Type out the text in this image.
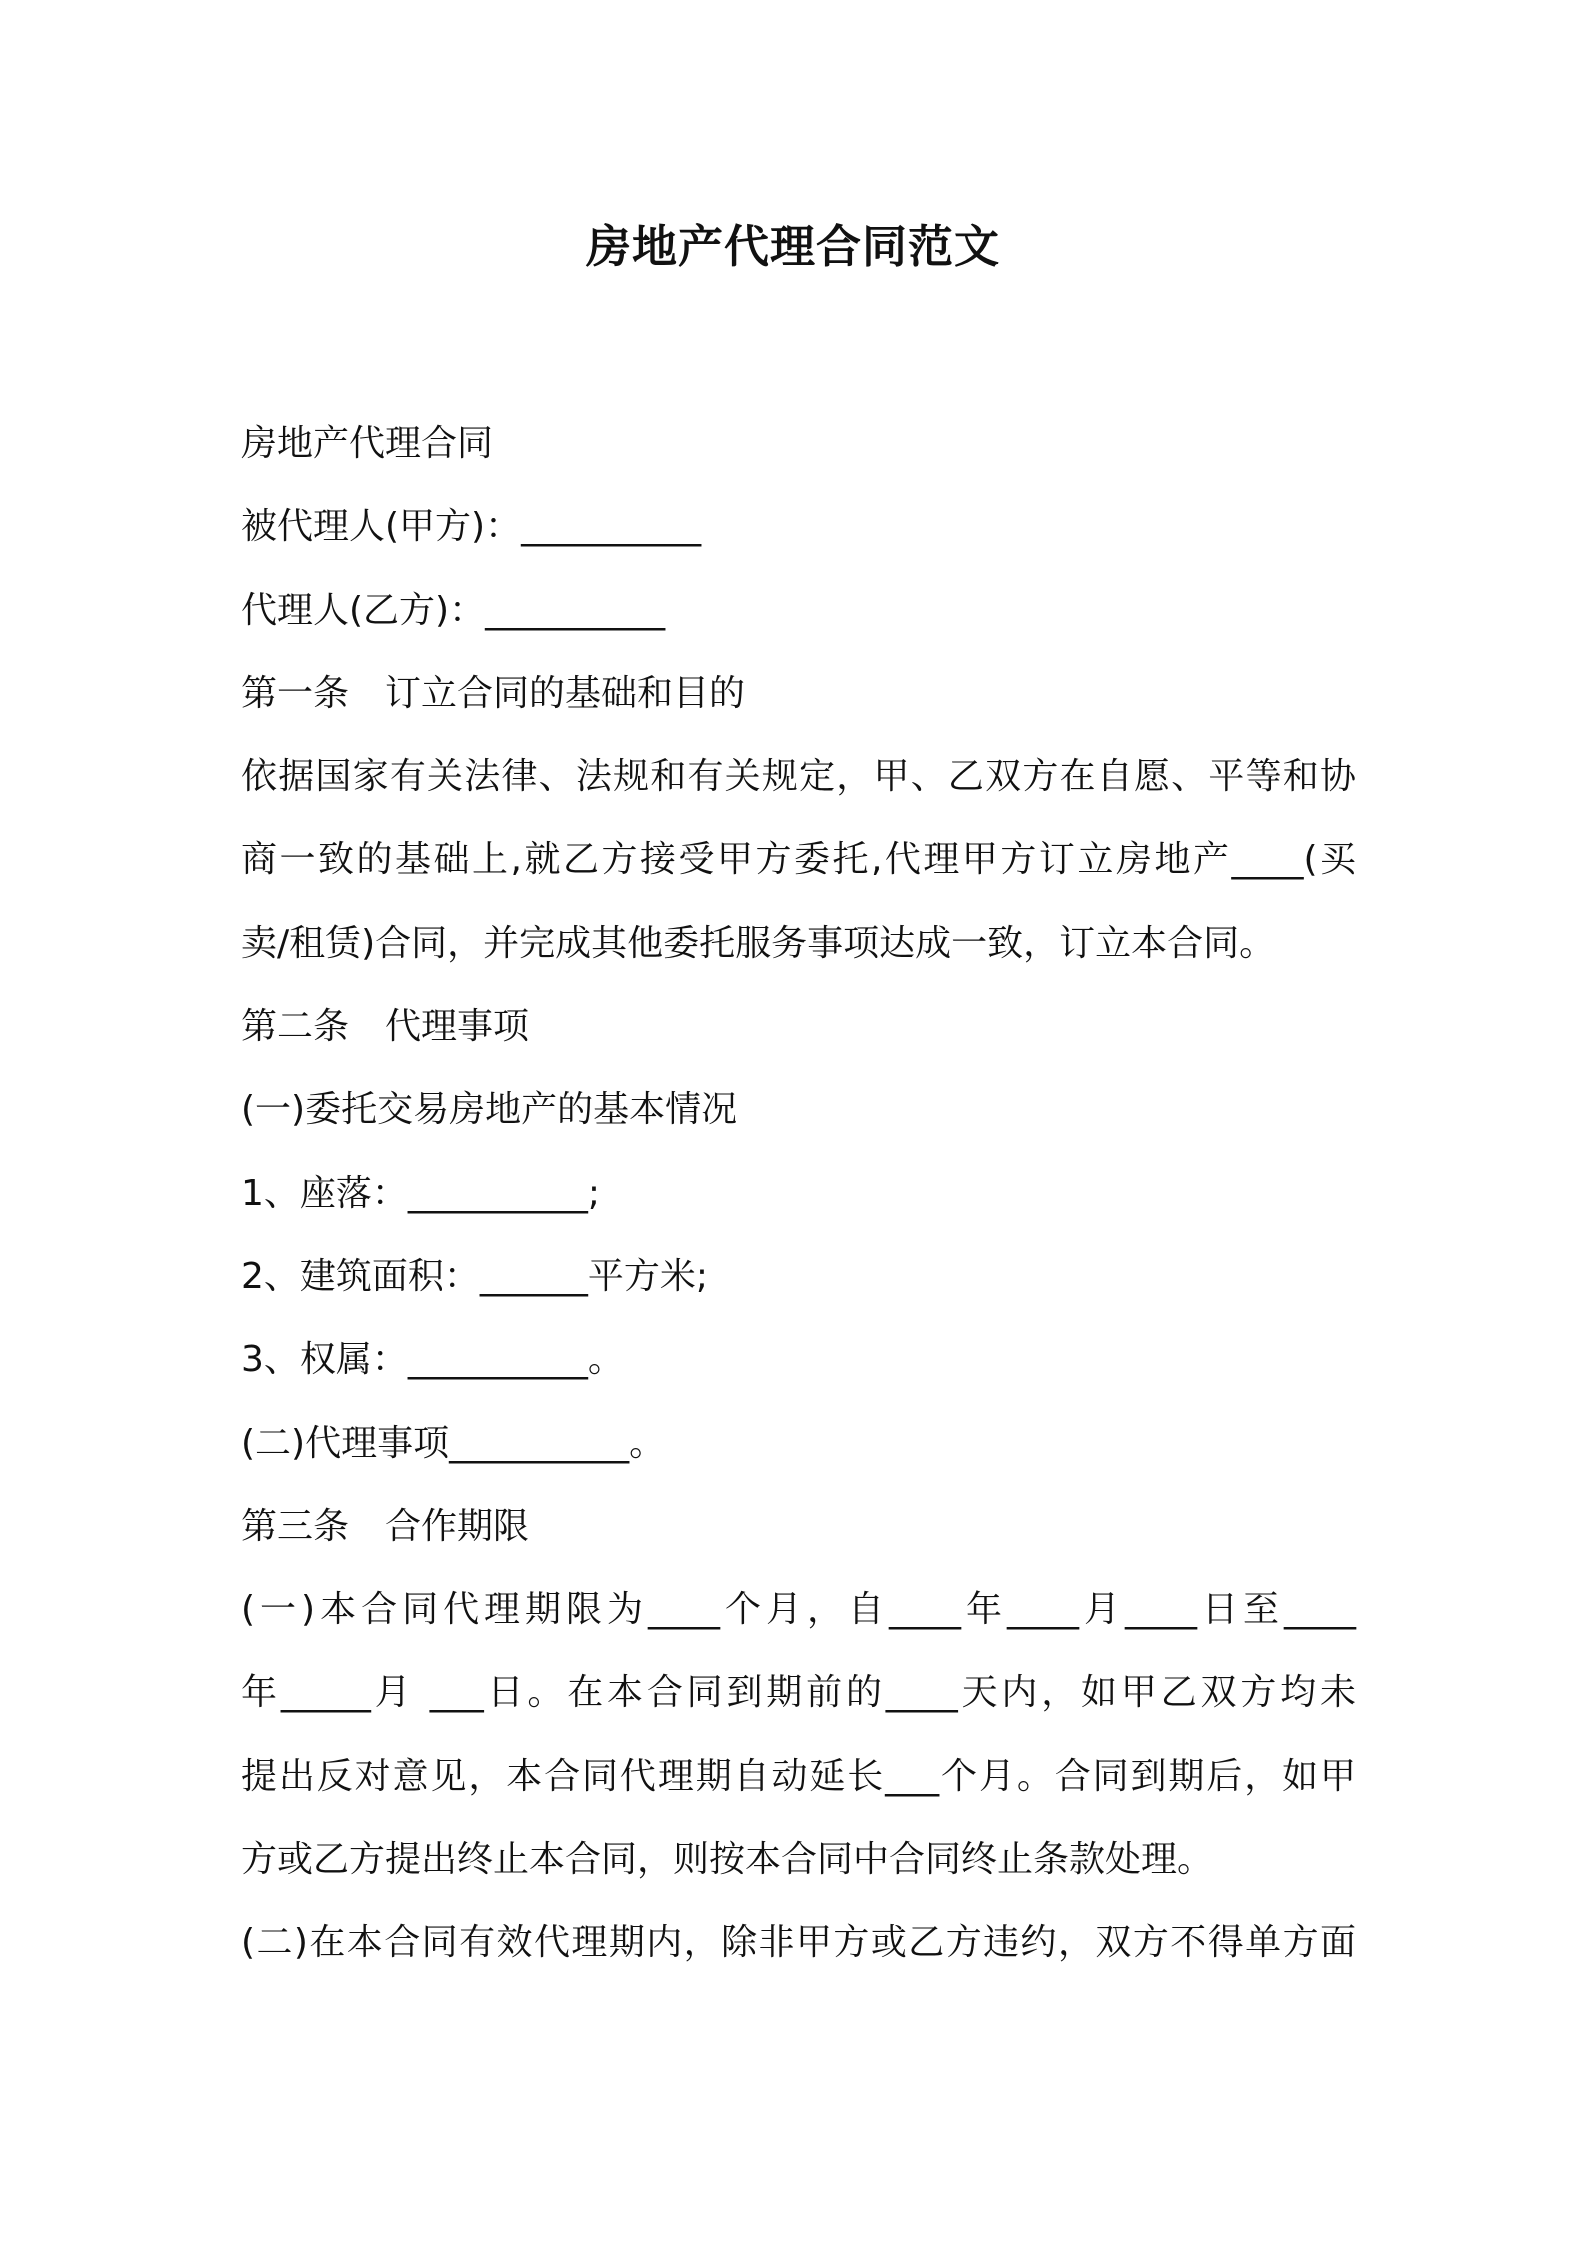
房地产代理合同范文
房地产代理合同
被代理人(甲方)：__________
代理人(乙方)：__________
第一条　订立合同的基础和目的
依据国家有关法律、法规和有关规定，甲、乙双方在自愿、平等和协
商一致的基础上,就乙方接受甲方委托,代理甲方订立房地产____(买
卖/租赁)合同，并完成其他委托服务事项达成一致，订立本合同。
第二条　代理事项
(一)委托交易房地产的基本情况
1、座落：__________;
2、建筑面积：______平方米;
3、权属：__________。
(二)代理事项__________。
第三条　合作期限
(一)本合同代理期限为____个月，自____年____月____日至____
年_____月 ___日。在本合同到期前的____天内，如甲乙双方均未
提出反对意见，本合同代理期自动延长___个月。合同到期后，如甲
方或乙方提出终止本合同，则按本合同中合同终止条款处理。
(二)在本合同有效代理期内，除非甲方或乙方违约，双方不得单方面
